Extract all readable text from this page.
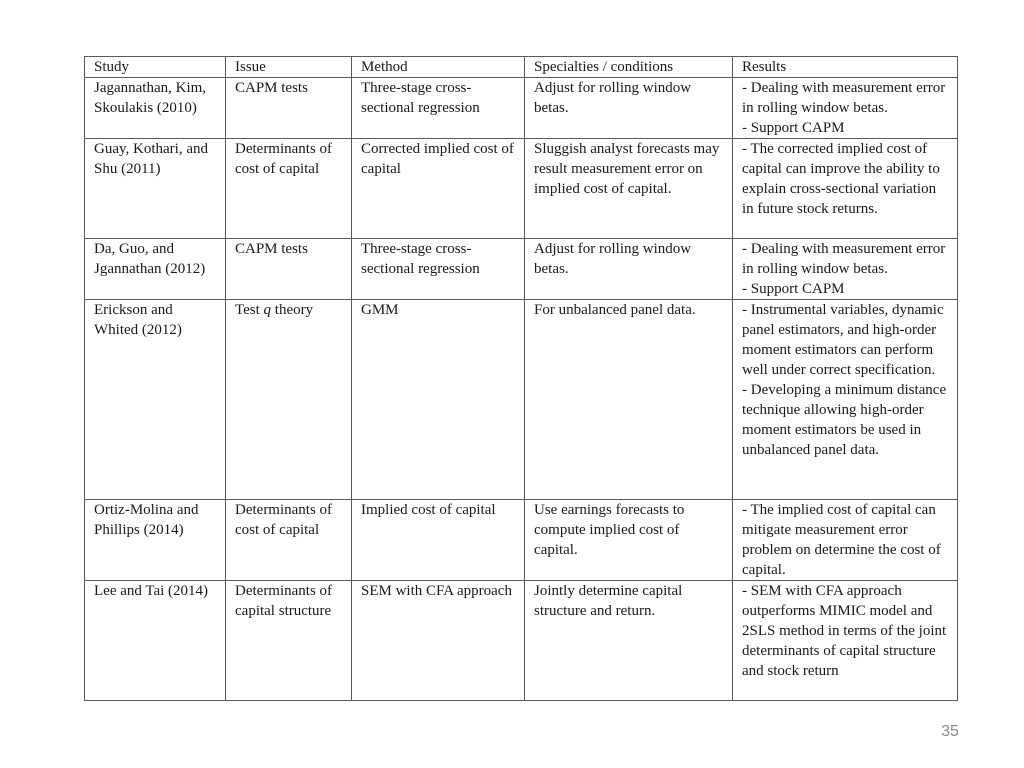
Study	Issue	Method	Specialties / conditions	Results
Jagannathan, Kim, Skoulakis (2010)	CAPM tests	Three-stage cross-sectional regression	Adjust for rolling window betas.	- Dealing with measurement error in rolling window betas.
- Support CAPM

Guay, Kothari, and Shu (2011)	Determinants of cost of capital	Corrected implied cost of capital	Sluggish analyst forecasts may result measurement error on implied cost of capital.	- The corrected implied cost of capital can improve the ability to explain cross-sectional variation in future stock returns.

Da, Guo, and Jgannathan (2012)	CAPM tests	Three-stage cross-sectional regression	Adjust for rolling window betas.	- Dealing with measurement error in rolling window betas.
- Support CAPM

Erickson and Whited (2012)	Test q theory	GMM	For unbalanced panel data.	- Instrumental variables, dynamic panel estimators, and high-order moment estimators can perform well under correct specification.
- Developing a minimum distance technique allowing high-order moment estimators be used in unbalanced panel data.

Ortiz-Molina and Phillips (2014)	Determinants of cost of capital	Implied cost of capital	Use earnings forecasts to compute implied cost of capital.	- The implied cost of capital can mitigate measurement error problem on determine the cost of capital.

Lee and Tai (2014)	Determinants of capital structure	SEM with CFA approach	Jointly determine capital structure and return.	- SEM with CFA approach outperforms MIMIC model and 2SLS method in terms of the joint determinants of capital structure and stock return
35
